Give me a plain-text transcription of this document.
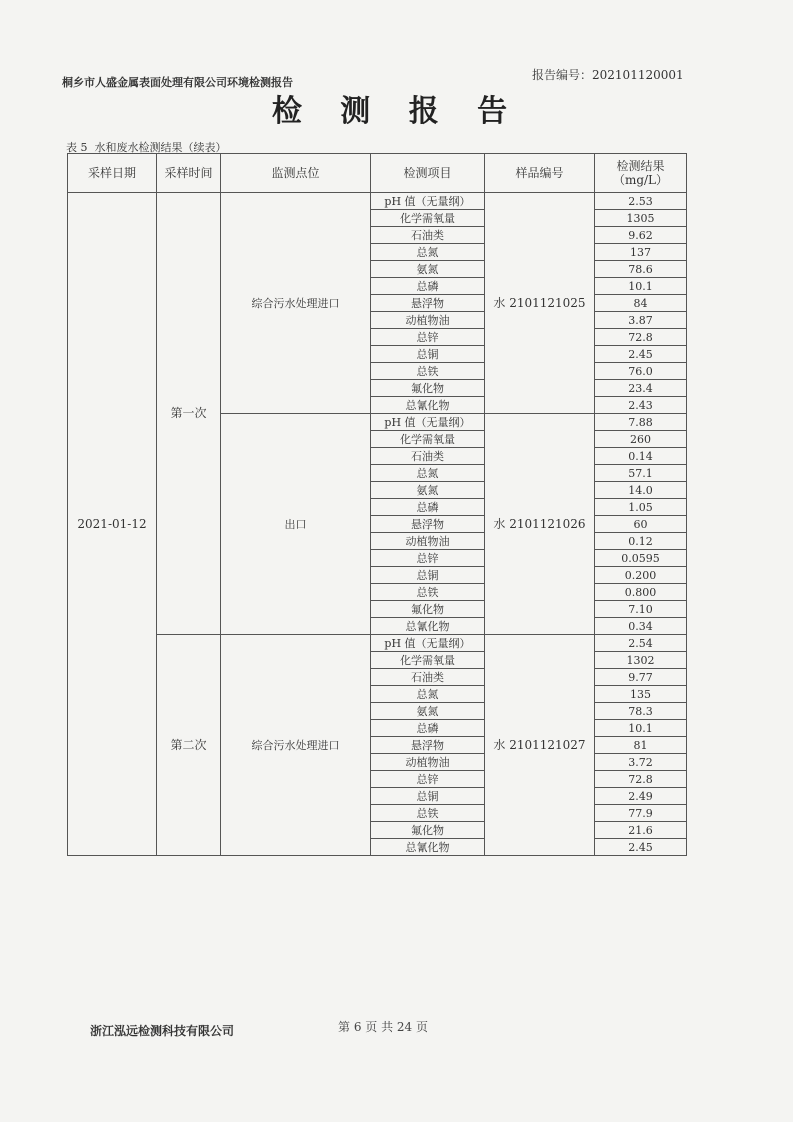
桐乡市人盛金属表面处理有限公司环境检测报告
报告编号：202101120001
检 测 报 告
表 5 水和废水检测结果（续表）
采样日期	采样时间	监测点位	检测项目	样品编号	检测结果
（mg/L）

2021-01-12	第一次	综合污水处理进口	pH 值（无量纲）	水 2101121025	2.53
			化学需氧量		1305
			石油类		9.62
			总氮		137
			氨氮		78.6
			总磷		10.1
			悬浮物		84
			动植物油		3.87
			总锌		72.8
			总铜		2.45
			总铁		76.0
			氟化物		23.4
			总氰化物		2.43
		出口	pH 值（无量纲）	水 2101121026	7.88
			化学需氧量		260
			石油类		0.14
			总氮		57.1
			氨氮		14.0
			总磷		1.05
			悬浮物		60
			动植物油		0.12
			总锌		0.0595
			总铜		0.200
			总铁		0.800
			氟化物		7.10
			总氰化物		0.34
	第二次	综合污水处理进口	pH 值（无量纲）	水 2101121027	2.54
			化学需氧量		1302
			石油类		9.77
			总氮		135
			氨氮		78.3
			总磷		10.1
			悬浮物		81
			动植物油		3.72
			总锌		72.8
			总铜		2.49
			总铁		77.9
			氟化物		21.6
			总氰化物		2.45
浙江泓远检测科技有限公司	第 6 页 共 24 页
